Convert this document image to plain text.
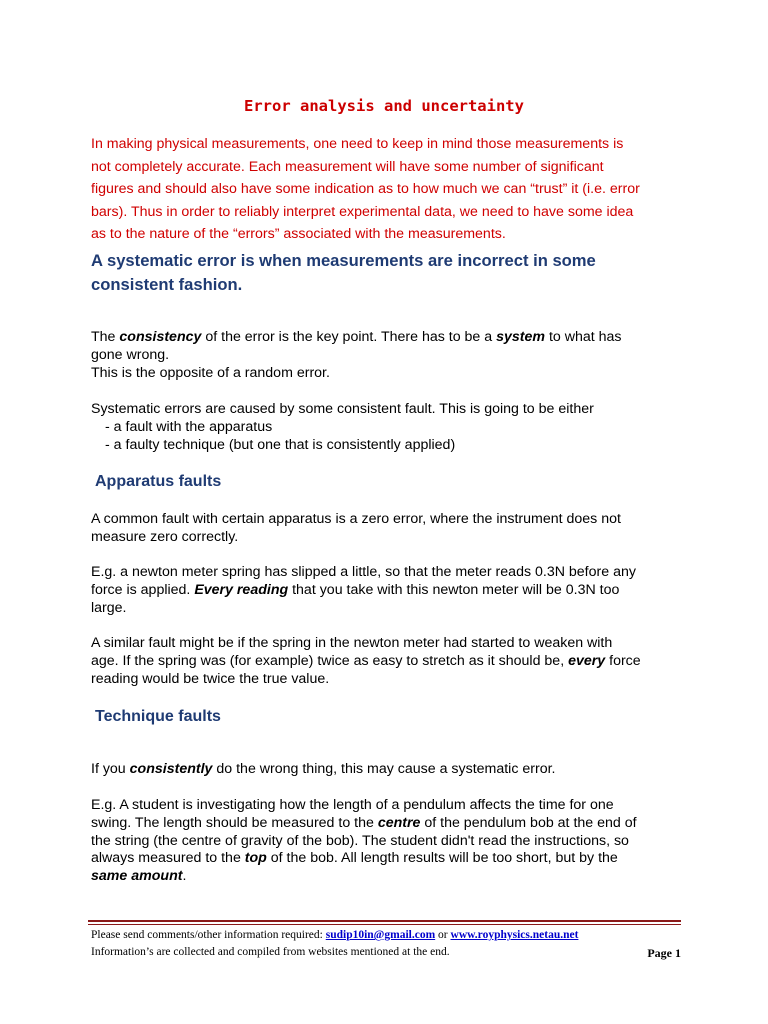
Error analysis and uncertainty
In making physical measurements, one need to keep in mind those measurements is
not completely accurate. Each measurement will have some number of significant
figures and should also have some indication as to how much we can “trust” it (i.e. error
bars). Thus in order to reliably interpret experimental data, we need to have some idea
as to the nature of the “errors” associated with the measurements.
A systematic error is when measurements are incorrect in some
consistent fashion.
The consistency of the error is the key point. There has to be a system to what has
gone wrong.
This is the opposite of a random error.
Systematic errors are caused by some consistent fault. This is going to be either
- a fault with the apparatus
- a faulty technique (but one that is consistently applied)
Apparatus faults
A common fault with certain apparatus is a zero error, where the instrument does not
measure zero correctly.
E.g. a newton meter spring has slipped a little, so that the meter reads 0.3N before any
force is applied. Every reading that you take with this newton meter will be 0.3N too
large.
A similar fault might be if the spring in the newton meter had started to weaken with
age. If the spring was (for example) twice as easy to stretch as it should be, every force
reading would be twice the true value.
Technique faults
If you consistently do the wrong thing, this may cause a systematic error.
E.g. A student is investigating how the length of a pendulum affects the time for one
swing. The length should be measured to the centre of the pendulum bob at the end of
the string (the centre of gravity of the bob). The student didn't read the instructions, so
always measured to the top of the bob. All length results will be too short, but by the
same amount.
Please send comments/other information required: sudip10in@gmail.com or www.royphysics.netau.net
Information’s are collected and compiled from websites mentioned at the end.	Page 1
